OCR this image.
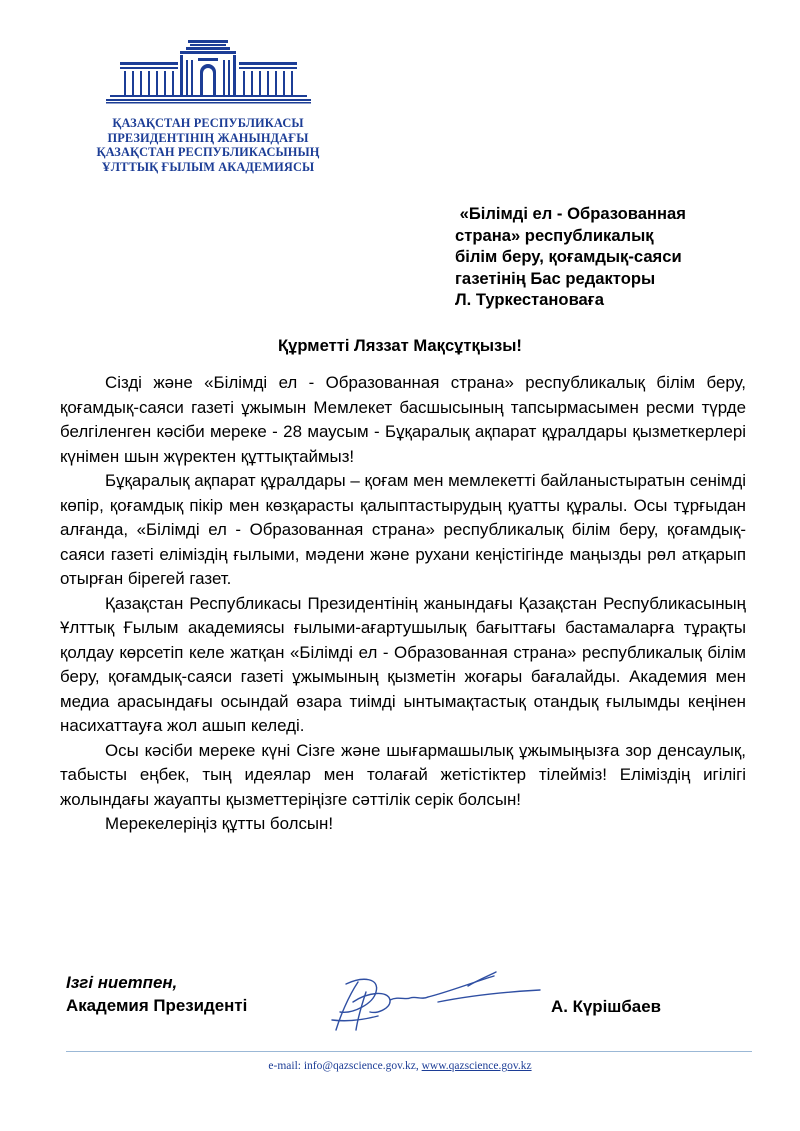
ҚАЗАҚСТАН РЕСПУБЛИКАСЫ
ПРЕЗИДЕНТІНІҢ ЖАНЫНДАҒЫ
ҚАЗАҚСТАН РЕСПУБЛИКАСЫНЫҢ
ҰЛТТЫҚ ҒЫЛЫМ АКАДЕМИЯСЫ
«Білімді ел - Образованная
страна» республикалық
білім беру, қоғамдық-саяси
газетінің Бас редакторы
Л. Туркестановаға
Құрметті Ляззат Мақсұтқызы!

Сізді және «Білімді ел - Образованная страна» республикалық білім беру, қоғамдық-саяси газеті ұжымын Мемлекет басшысының тапсырмасымен ресми түрде белгіленген кәсіби мереке - 28 маусым - Бұқаралық ақпарат құралдары қызметкерлері күнімен шын жүректен құттықтаймыз!

Бұқаралық ақпарат құралдары – қоғам мен мемлекетті байланыстыратын сенімді көпір, қоғамдық пікір мен көзқарасты қалыптастырудың қуатты құралы. Осы тұрғыдан алғанда, «Білімді ел - Образованная страна» республикалық білім беру, қоғамдық-саяси газеті еліміздің ғылыми, мәдени және рухани кеңістігінде маңызды рөл атқарып отырған бірегей газет.

Қазақстан Республикасы Президентінің жанындағы Қазақстан Республикасының Ұлттық Ғылым академиясы ғылыми-ағартушылық бағыттағы бастамаларға тұрақты қолдау көрсетіп келе жатқан «Білімді ел - Образованная страна» республикалық білім беру, қоғамдық-саяси газеті ұжымының қызметін жоғары бағалайды. Академия мен медиа арасындағы осындай өзара тиімді ынтымақтастық отандық ғылымды кеңінен насихаттауға жол ашып келеді.

Осы кәсіби мереке күні Сізге және шығармашылық ұжымыңызға зор денсаулық, табысты еңбек, тың идеялар мен толағай жетістіктер тілейміз! Еліміздің игілігі жолындағы жауапты қызметтеріңізге сәттілік серік болсын!

Мерекелеріңіз құтты болсын!

Ізгі ниетпен,
Академия Президенті	А. Күрішбаев
e-mail: info@qazscience.gov.kz, www.qazscience.gov.kz
